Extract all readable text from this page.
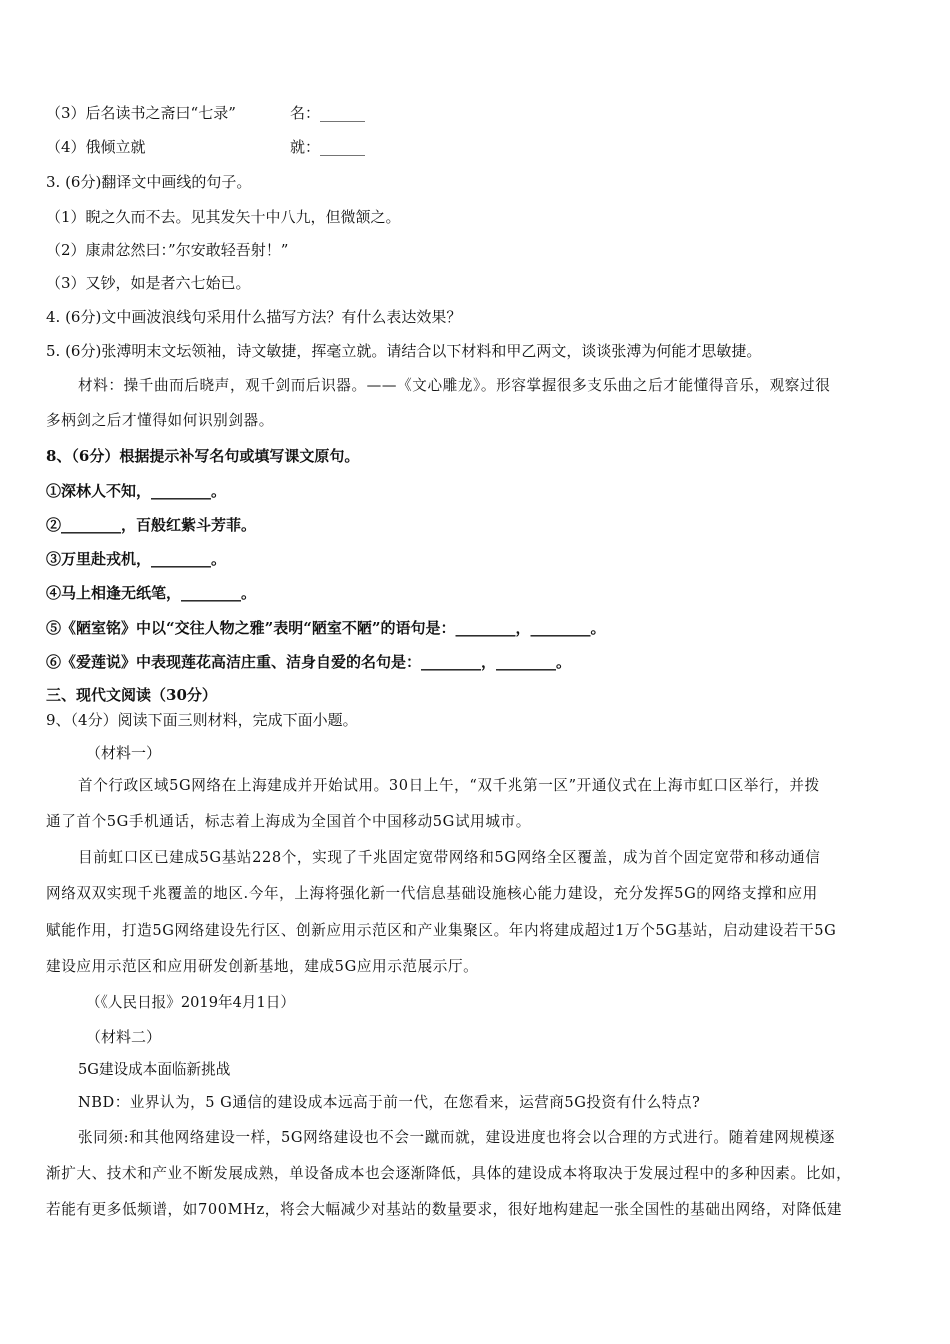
（3）后名读书之斋曰“七录”	名：______
（4）俄倾立就	就：______
3. (6分)翻译文中画线的句子。
（1）睨之久而不去。见其发矢十中八九，但微颔之。
（2）康肃忿然曰：”尔安敢轻吾射！”
（3）又钞，如是者六七始已。
4. (6分)文中画波浪线句采用什么描写方法？有什么表达效果？
5. (6分)张溥明末文坛领袖，诗文敏捷，挥毫立就。请结合以下材料和甲乙两文，谈谈张溥为何能才思敏捷。
材料：操千曲而后晓声，观千剑而后识器。——《文心雕龙》。形容掌握很多支乐曲之后才能懂得音乐，观察过很
多柄剑之后才懂得如何识别剑器。
8、（6分）根据提示补写名句或填写课文原句。
①深林人不知，________。
②________，百般红紫斗芳菲。
③万里赴戎机，________。
④马上相逢无纸笔，________。
⑤《陋室铭》中以“交往人物之雅”表明“陋室不陋”的语句是：________，________。
⑥《爱莲说》中表现莲花高洁庄重、洁身自爱的名句是：________，________。
三、现代文阅读（30分）
9、（4分）阅读下面三则材料，完成下面小题。
（材料一）
首个行政区域5G网络在上海建成并开始试用。30日上午，“双千兆第一区”开通仪式在上海市虹口区举行，并拨
通了首个5G手机通话，标志着上海成为全国首个中国移动5G试用城市。
目前虹口区已建成5G基站228个，实现了千兆固定宽带网络和5G网络全区覆盖，成为首个固定宽带和移动通信
网络双双实现千兆覆盖的地区.今年，上海将强化新一代信息基础设施核心能力建设，充分发挥5G的网络支撑和应用
赋能作用，打造5G网络建设先行区、创新应用示范区和产业集聚区。年内将建成超过1万个5G基站，启动建设若干5G
建设应用示范区和应用研发创新基地，建成5G应用示范展示厅。
（《人民日报》2019年4月1日）
（材料二）
5G建设成本面临新挑战
NBD：业界认为，5 G通信的建设成本远高于前一代，在您看来，运营商5G投资有什么特点?
张同须:和其他网络建设一样，5G网络建设也不会一蹴而就，建设进度也将会以合理的方式进行。随着建网规模逐
渐扩大、技术和产业不断发展成熟，单设备成本也会逐渐降低，具体的建设成本将取决于发展过程中的多种因素。比如，
若能有更多低频谱，如700MHz，将会大幅减少对基站的数量要求，很好地构建起一张全国性的基础出网络，对降低建
